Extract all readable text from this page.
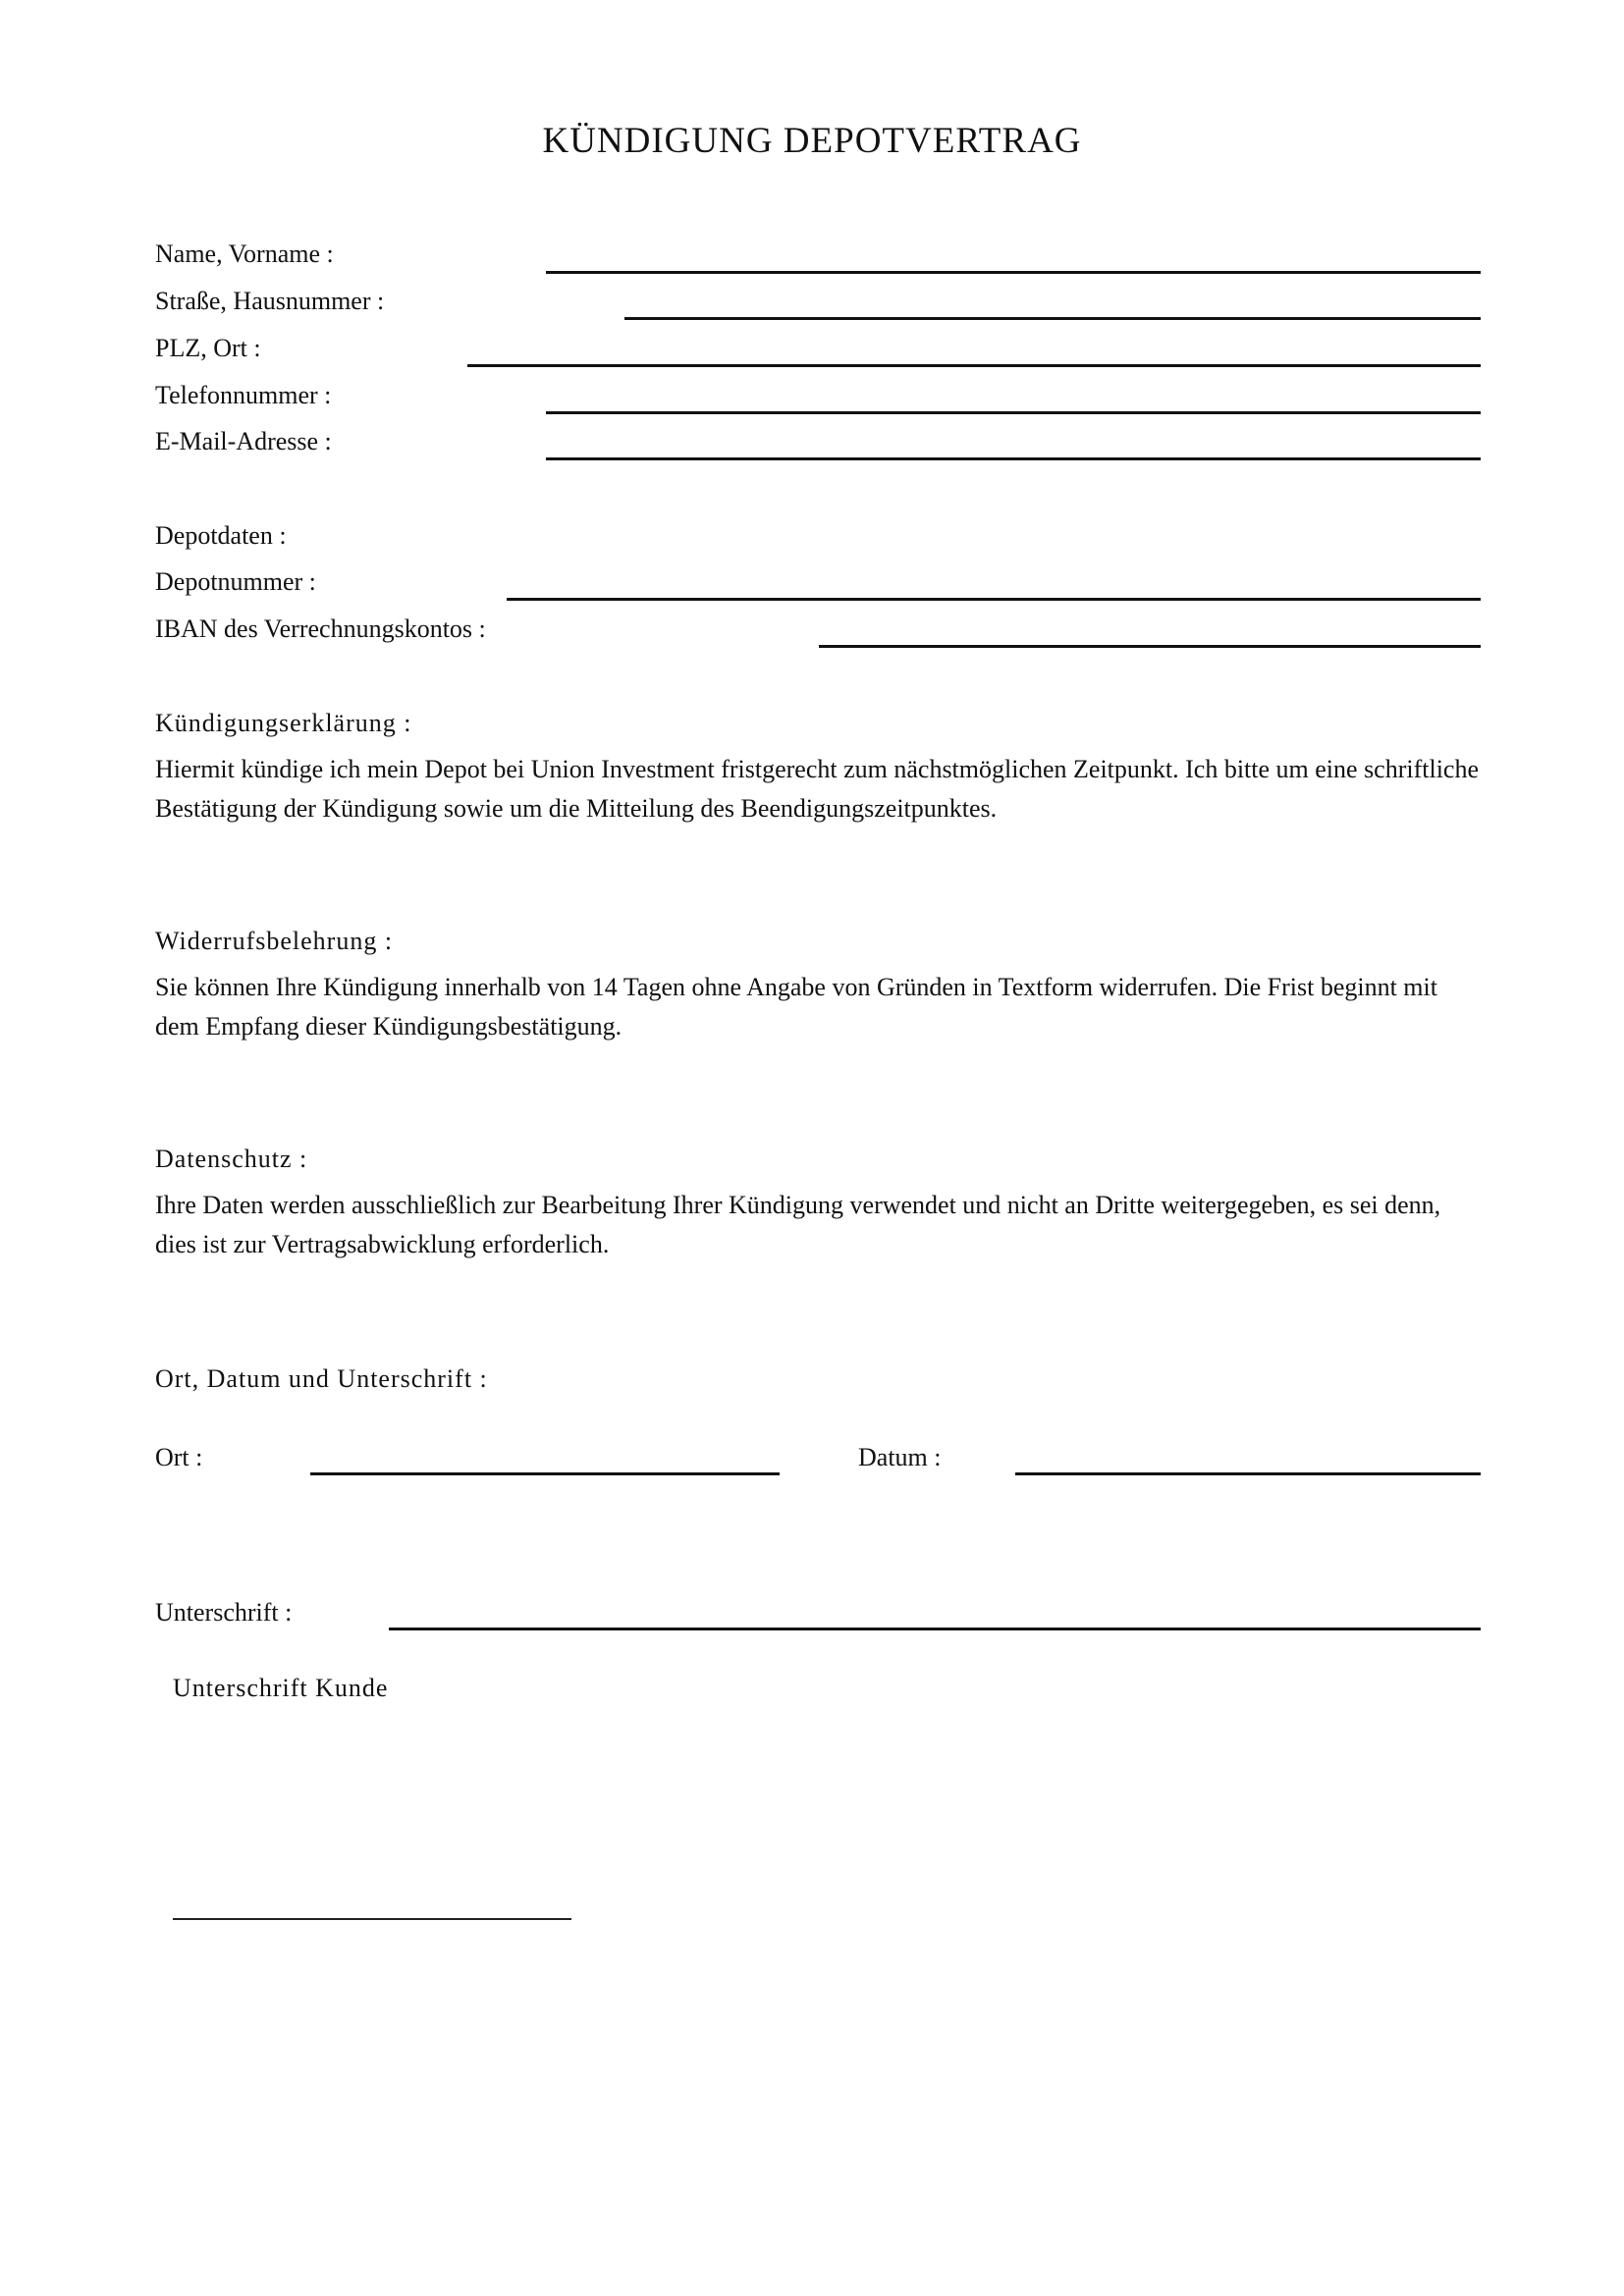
KÜNDIGUNG DEPOTVERTRAG
Name, Vorname :
Straße, Hausnummer :
PLZ, Ort :
Telefonnummer :
E-Mail-Adresse :
Depotdaten :
Depotnummer :
IBAN des Verrechnungskontos :
Kündigungserklärung :
Hiermit kündige ich mein Depot bei Union Investment fristgerecht zum nächstmöglichen Zeitpunkt. Ich bitte um eine schriftliche Bestätigung der Kündigung sowie um die Mitteilung des Beendigungszeitpunktes.
Widerrufsbelehrung :
Sie können Ihre Kündigung innerhalb von 14 Tagen ohne Angabe von Gründen in Textform widerrufen. Die Frist beginnt mit dem Empfang dieser Kündigungsbestätigung.
Datenschutz :
Ihre Daten werden ausschließlich zur Bearbeitung Ihrer Kündigung verwendet und nicht an Dritte weitergegeben, es sei denn, dies ist zur Vertragsabwicklung erforderlich.
Ort, Datum und Unterschrift :
Ort :	Datum :
Unterschrift :
Unterschrift Kunde
